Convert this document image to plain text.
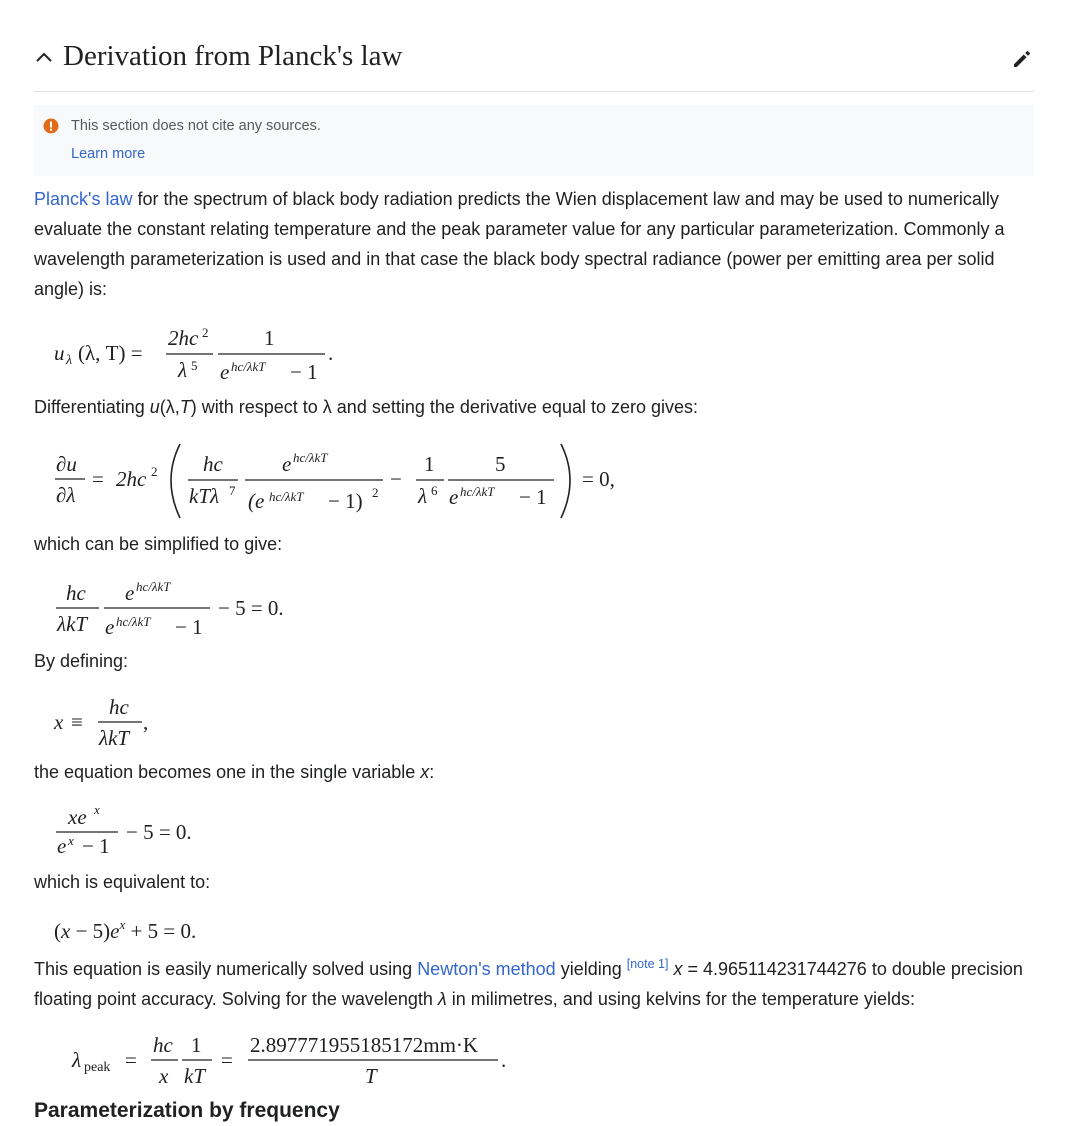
Derivation from Planck's law
This section does not cite any sources.
Learn more

Planck's law for the spectrum of black body radiation predicts the Wien displacement law and may be used to numerically evaluate the constant relating temperature and the peak parameter value for any particular parameterization. Commonly a wavelength parameterization is used and in that case the black body spectral radiance (power per emitting area per solid angle) is:

u λ (λ, T) =
2hc 2
λ 5
1
e hc/λkT − 1
.

Differentiating u(λ,T) with respect to λ and setting the derivative equal to zero gives:

∂u
∂λ
= 2hc 2 hc
kTλ 7
e hc/λkT
(e hc/λkT − 1) 2
−
1
λ 6
5
e hc/λkT − 1
= 0,

which can be simplified to give:

hc
λkT
e hc/λkT
e hc/λkT − 1
− 5 = 0.

By defining:

x ≡
hc
λkT
,

the equation becomes one in the single variable x:

xe x
e x − 1
− 5 = 0.

which is equivalent to:

$(x - 5)e^x + 5 = 0$.

This equation is easily numerically solved using Newton's method yielding [note 1] x = 4.965114231744276 to double precision floating point accuracy. Solving for the wavelength λ in milimetres, and using kelvins for the temperature yields:

λ peak =
hc
x
1
kT
=
2.897771955185172mm·K
T
.
Parameterization by frequency
